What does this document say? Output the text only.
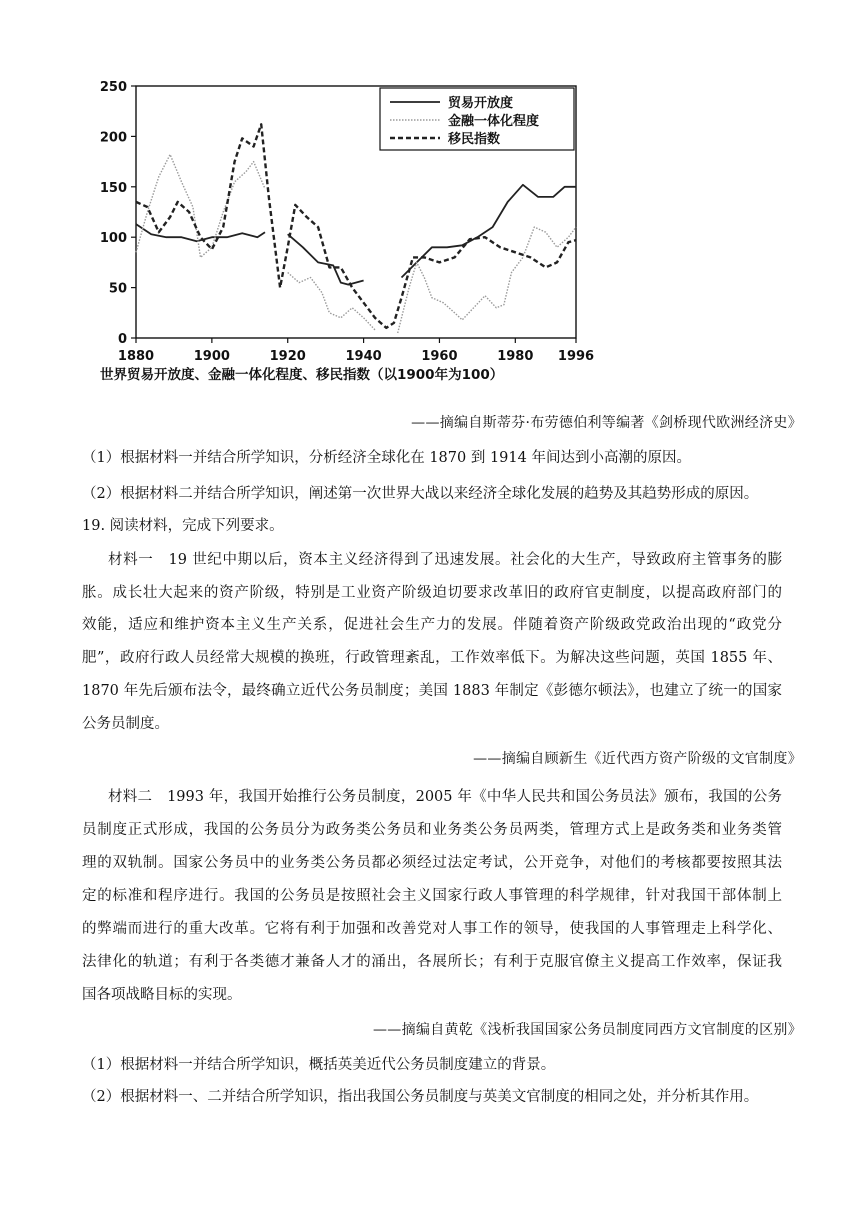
0
50
100
150
200
250
1880	1900	1920	1940	1960	1980 1996
贸易开放度
金融一体化程度
移民指数
世界贸易开放度、金融一体化程度、移民指数（以1900年为100）
——摘编自斯蒂芬·布劳德伯利等编著《剑桥现代欧洲经济史》
（1）根据材料一并结合所学知识，分析经济全球化在 1870 到 1914 年间达到小高潮的原因。
（2）根据材料二并结合所学知识，阐述第一次世界大战以来经济全球化发展的趋势及其趋势形成的原因。
19. 阅读材料，完成下列要求。
材料一　19 世纪中期以后，资本主义经济得到了迅速发展。社会化的大生产，导致政府主管事务的膨
胀。成长壮大起来的资产阶级，特别是工业资产阶级迫切要求改革旧的政府官吏制度，以提高政府部门的
效能，适应和维护资本主义生产关系，促进社会生产力的发展。伴随着资产阶级政党政治出现的“政党分
肥”，政府行政人员经常大规模的换班，行政管理紊乱，工作效率低下。为解决这些问题，英国 1855 年、
1870 年先后颁布法令，最终确立近代公务员制度；美国 1883 年制定《彭德尔顿法》，也建立了统一的国家
公务员制度。
——摘编自顾新生《近代西方资产阶级的文官制度》
材料二　1993 年，我国开始推行公务员制度，2005 年《中华人民共和国公务员法》颁布，我国的公务
员制度正式形成，我国的公务员分为政务类公务员和业务类公务员两类，管理方式上是政务类和业务类管
理的双轨制。国家公务员中的业务类公务员都必须经过法定考试，公开竞争，对他们的考核都要按照其法
定的标准和程序进行。我国的公务员是按照社会主义国家行政人事管理的科学规律，针对我国干部体制上
的弊端而进行的重大改革。它将有利于加强和改善党对人事工作的领导，使我国的人事管理走上科学化、
法律化的轨道；有利于各类德才兼备人才的涌出，各展所长；有利于克服官僚主义提高工作效率，保证我
国各项战略目标的实现。
——摘编自黄乾《浅析我国国家公务员制度同西方文官制度的区别》
（1）根据材料一并结合所学知识，概括英美近代公务员制度建立的背景。
（2）根据材料一、二并结合所学知识，指出我国公务员制度与英美文官制度的相同之处，并分析其作用。
